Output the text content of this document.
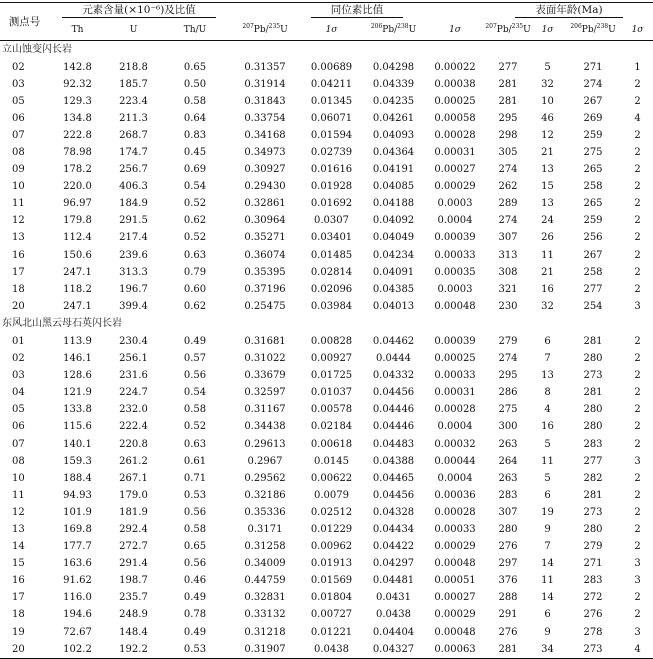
测点号	元素含量(×10⁻⁶)及比值			同位素比值				表面年龄(Ma)			
	Th	U	Th/U	$^{207}$Pb/$^{235}$U	1σ	$^{206}$Pb/$^{238}$U	1σ	$^{207}$Pb/$^{235}$U	1σ	$^{206}$Pb/$^{238}$U	1σ
立山蚀变闪长岩											
02	142.8	218.8	0.65	0.31357	0.00689	0.04298	0.00022	277	5	271	1
03	92.32	185.7	0.50	0.31914	0.04211	0.04339	0.00038	281	32	274	2
05	129.3	223.4	0.58	0.31843	0.01345	0.04235	0.00025	281	10	267	2
06	134.8	211.3	0.64	0.33754	0.06071	0.04261	0.00058	295	46	269	4
07	222.8	268.7	0.83	0.34168	0.01594	0.04093	0.00028	298	12	259	2
08	78.98	174.7	0.45	0.34973	0.02739	0.04364	0.00031	305	21	275	2
09	178.2	256.7	0.69	0.30927	0.01616	0.04191	0.00027	274	13	265	2
10	220.0	406.3	0.54	0.29430	0.01928	0.04085	0.00029	262	15	258	2
11	96.97	184.9	0.52	0.32861	0.01692	0.04188	0.0003	289	13	265	2
12	179.8	291.5	0.62	0.30964	0.0307	0.04092	0.0004	274	24	259	2
13	112.4	217.4	0.52	0.35271	0.03401	0.04049	0.00039	307	26	256	2
16	150.6	239.6	0.63	0.36074	0.01485	0.04234	0.00033	313	11	267	2
17	247.1	313.3	0.79	0.35395	0.02814	0.04091	0.00035	308	21	258	2
18	118.2	196.7	0.60	0.37196	0.02096	0.04385	0.0003	321	16	277	2
20	247.1	399.4	0.62	0.25475	0.03984	0.04013	0.00048	230	32	254	3
东风北山黑云母石英闪长岩											
01	113.9	230.4	0.49	0.31681	0.00828	0.04462	0.00039	279	6	281	2
02	146.1	256.1	0.57	0.31022	0.00927	0.0444	0.00025	274	7	280	2
03	128.6	231.6	0.56	0.33679	0.01725	0.04332	0.00033	295	13	273	2
04	121.9	224.7	0.54	0.32597	0.01037	0.04456	0.00031	286	8	281	2
05	133.8	232.0	0.58	0.31167	0.00578	0.04446	0.00028	275	4	280	2
06	115.6	222.4	0.52	0.34438	0.02184	0.04446	0.0004	300	16	280	2
07	140.1	220.8	0.63	0.29613	0.00618	0.04483	0.00032	263	5	283	2
08	159.3	261.2	0.61	0.2967	0.0145	0.04388	0.00044	264	11	277	3
10	188.4	267.1	0.71	0.29562	0.00622	0.04465	0.0004	263	5	282	2
11	94.93	179.0	0.53	0.32186	0.0079	0.04456	0.00036	283	6	281	2
12	101.9	181.9	0.56	0.35336	0.02512	0.04328	0.00028	307	19	273	2
13	169.8	292.4	0.58	0.3171	0.01229	0.04434	0.00033	280	9	280	2
14	177.7	272.7	0.65	0.31258	0.00962	0.04422	0.00029	276	7	279	2
15	163.6	291.4	0.56	0.34009	0.01913	0.04297	0.00048	297	14	271	3
16	91.62	198.7	0.46	0.44759	0.01569	0.04481	0.00051	376	11	283	3
17	116.0	235.7	0.49	0.32831	0.01804	0.0431	0.00027	288	14	272	2
18	194.6	248.9	0.78	0.33132	0.00727	0.0438	0.00029	291	6	276	2
19	72.67	148.4	0.49	0.31218	0.01221	0.04404	0.00048	276	9	278	3
20	102.2	192.2	0.53	0.31907	0.0438	0.04327	0.00063	281	34	273	4
